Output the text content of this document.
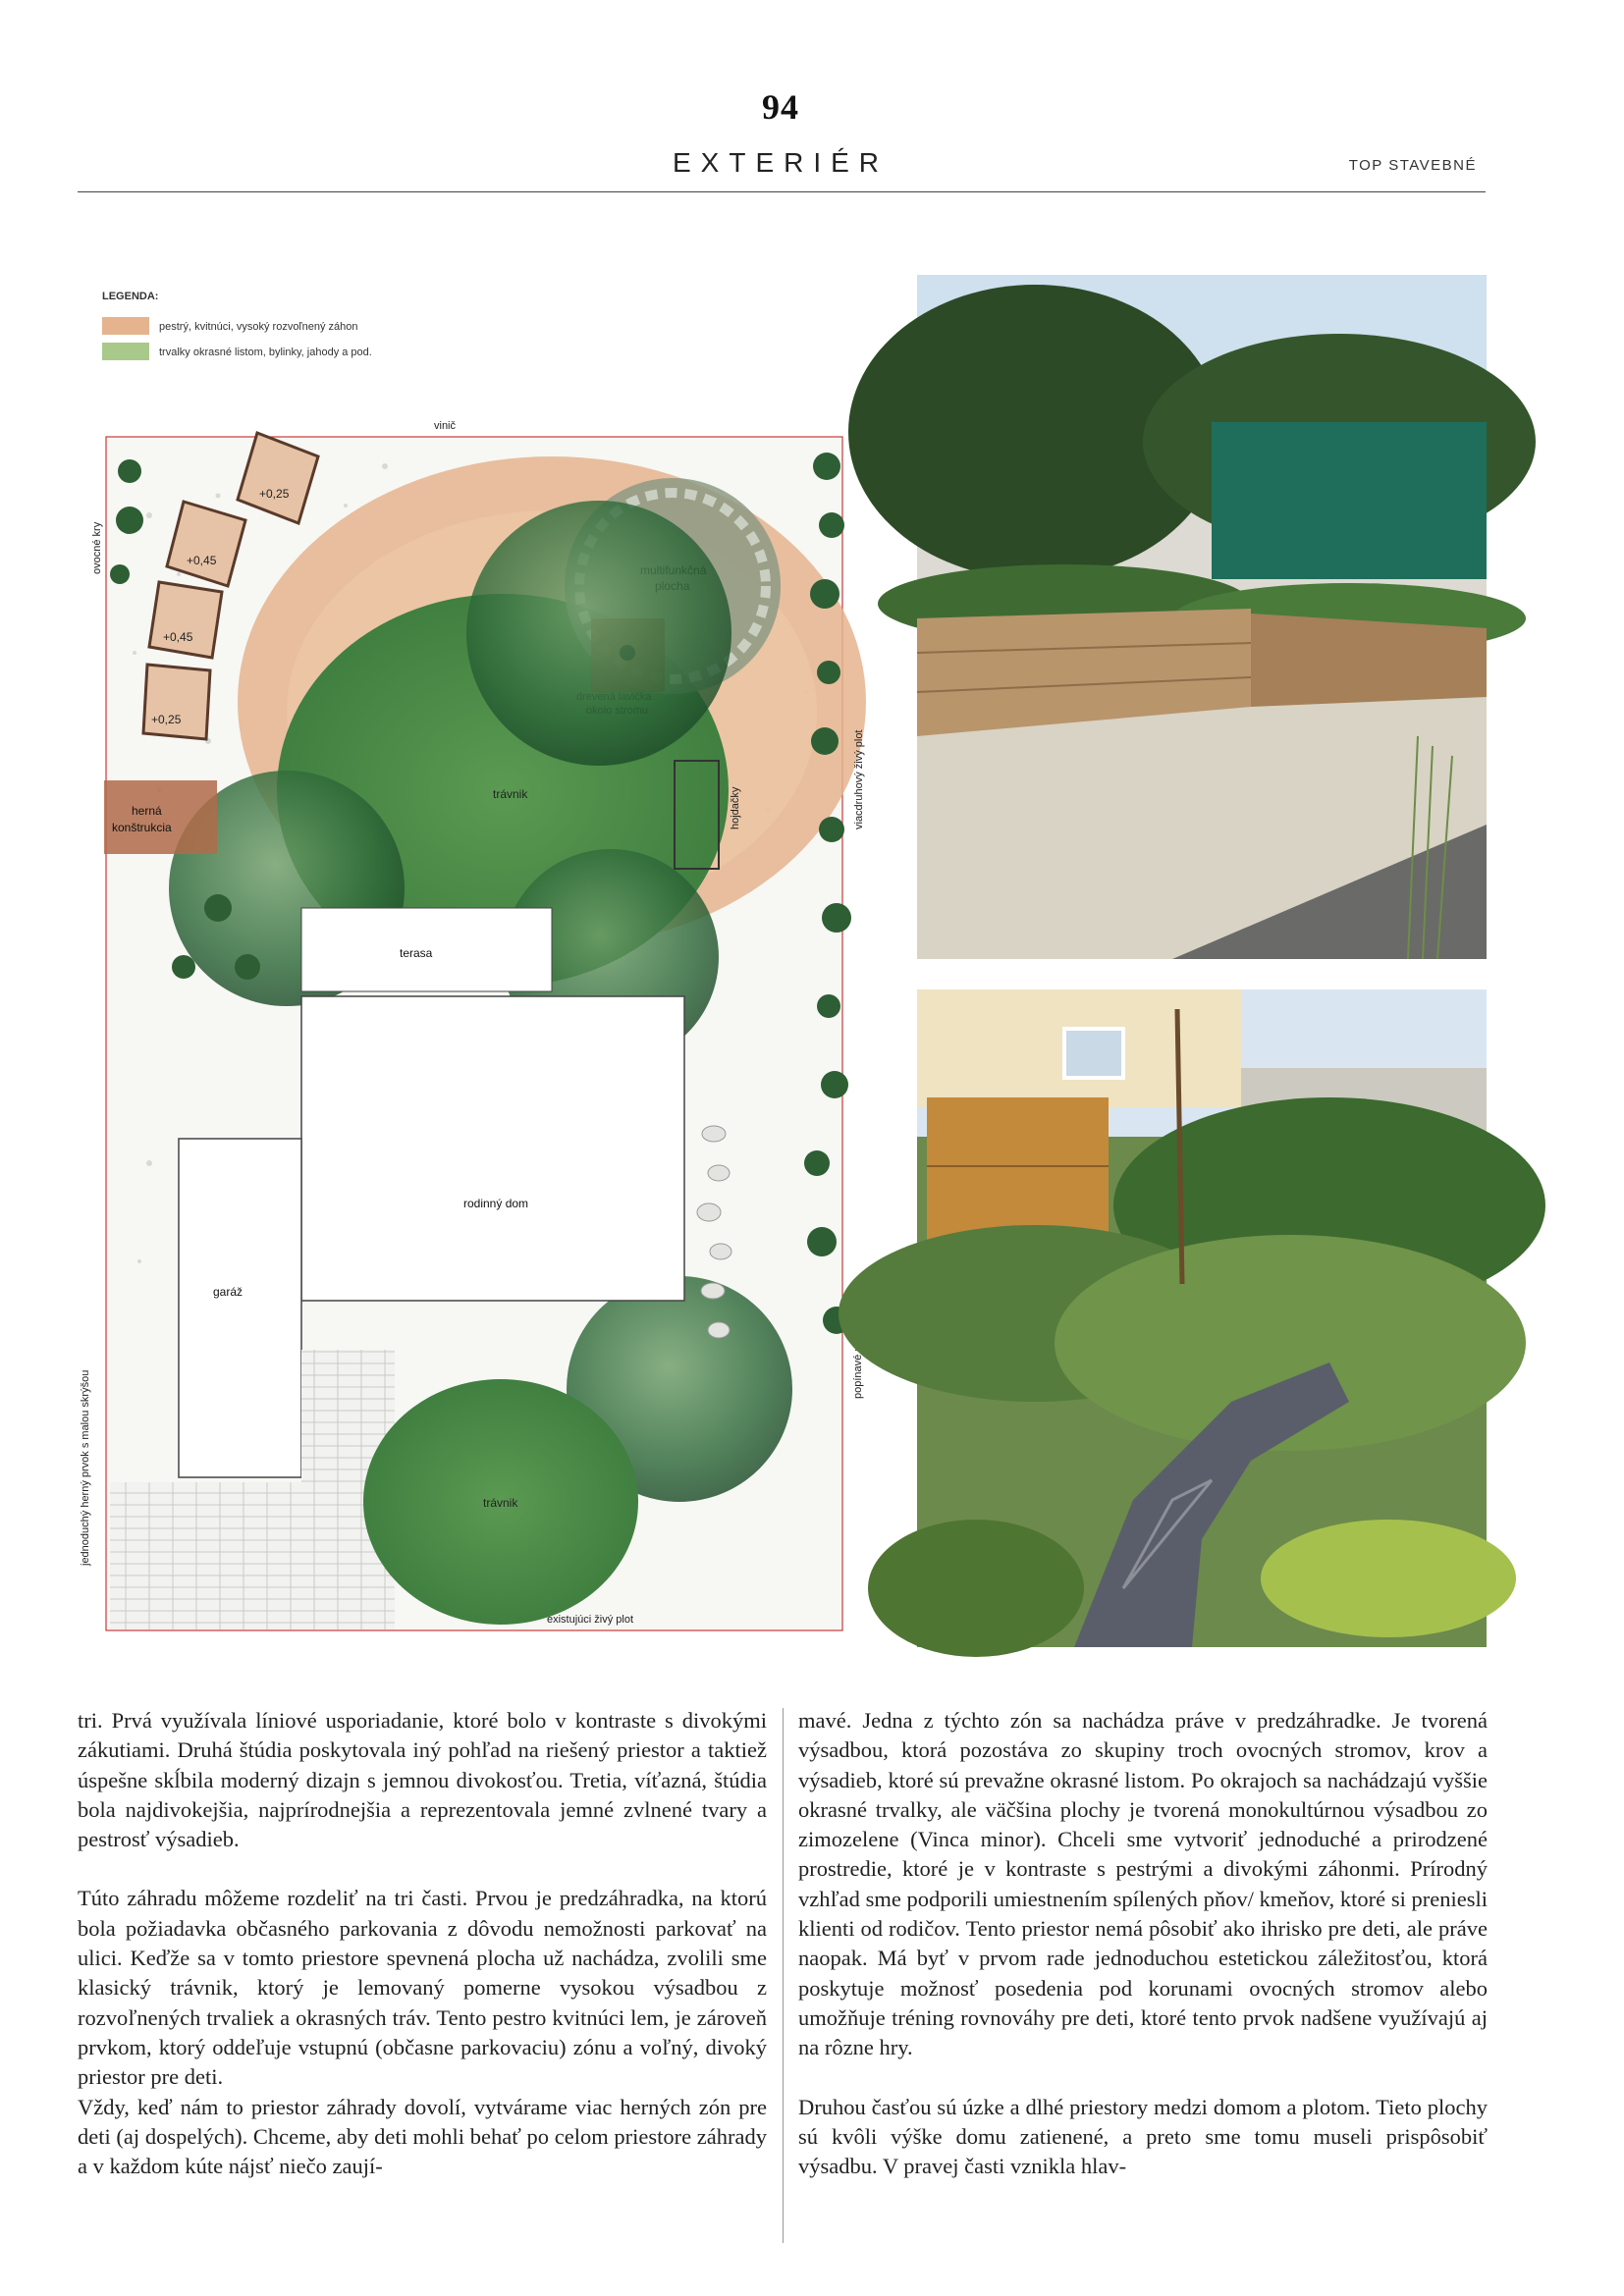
94
EXTERIÉR	TOP STAVEBNÉ
LEGENDA:
pestrý, kvitnúci, vysoký rozvoľnený záhon
trvalky okrasné listom, bylinky, jahody a pod.
trávnik
+0,25
+0,45
+0,45
+0,25
hojdačky	viacdruhový živý plot
ovocné kry
vinič
herná
konštrukcia
terasa
rodinný dom
garáž
trávnik
jednoduchý herný prvok s malou skrýšou
popínavé rastliny
existujúci živý plot

tri. Prvá využívala líniové usporiadanie, ktoré bolo v kontraste s divokými zákutiami. Druhá štúdia poskytovala iný pohľad na riešený priestor a taktiež úspešne skĺbila moderný dizajn s jemnou divokosťou. Tretia, víťazná, štúdia bola najdivokejšia, najprírodnejšia a reprezentovala jemné zvlnené tvary a pestrosť výsadieb.

Túto záhradu môžeme rozdeliť na tri časti. Prvou je predzáhradka, na ktorú bola požiadavka občasného parkovania z dôvodu nemožnosti parkovať na ulici. Keďže sa v tomto priestore spevnená plocha už nachádza, zvolili sme klasický trávnik, ktorý je lemovaný pomerne vysokou výsadbou z rozvoľnených trvaliek a okrasných tráv. Tento pestro kvitnúci lem, je zároveň prvkom, ktorý oddeľuje vstupnú (občasne parkovaciu) zónu a voľný, divoký priestor pre deti.

Vždy, keď nám to priestor záhrady dovolí, vytvárame viac herných zón pre deti (aj dospelých). Chceme, aby deti mohli behať po celom priestore záhrady a v každom kúte nájsť niečo zaují-

mavé. Jedna z týchto zón sa nachádza práve v predzáhradke. Je tvorená výsadbou, ktorá pozostáva zo skupiny troch ovocných stromov, krov a výsadieb, ktoré sú prevažne okrasné listom. Po okrajoch sa nachádzajú vyššie okrasné trvalky, ale väčšina plochy je tvorená monokultúrnou výsadbou zo zimozelene (Vinca minor). Chceli sme vytvoriť jednoduché a prirodzené prostredie, ktoré je v kontraste s pestrými a divokými záhonmi. Prírodný vzhľad sme podporili umiestnením spílených pňov/ kmeňov, ktoré si preniesli klienti od rodičov. Tento priestor nemá pôsobiť ako ihrisko pre deti, ale práve naopak. Má byť v prvom rade jednoduchou estetickou záležitosťou, ktorá poskytuje možnosť posedenia pod korunami ovocných stromov alebo umožňuje tréning rovnováhy pre deti, ktoré tento prvok nadšene využívajú aj na rôzne hry.

Druhou časťou sú úzke a dlhé priestory medzi domom a plotom. Tieto plochy sú kvôli výške domu zatienené, a preto sme tomu museli prispôsobiť výsadbu. V pravej časti vznikla hlav-
